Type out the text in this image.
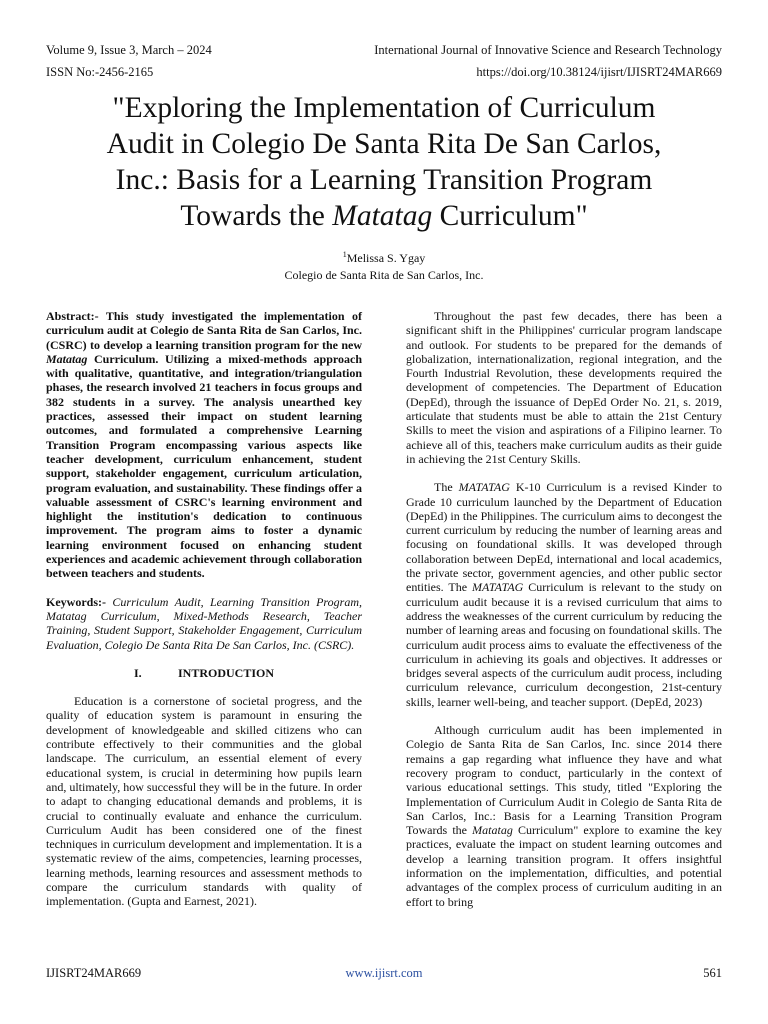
Volume 9, Issue 3, March – 2024	International Journal of Innovative Science and Research Technology
ISSN No:-2456-2165	https://doi.org/10.38124/ijisrt/IJISRT24MAR669
"Exploring the Implementation of Curriculum
Audit in Colegio De Santa Rita De San Carlos,
Inc.: Basis for a Learning Transition Program
Towards the Matatag Curriculum"
$^1$Melissa S. Ygay
Colegio de Santa Rita de San Carlos, Inc.

Abstract:- This study investigated the implementation of curriculum audit at Colegio de Santa Rita de San Carlos, Inc. (CSRC) to develop a learning transition program for the new Matatag Curriculum. Utilizing a mixed-methods approach with qualitative, quantitative, and integration/triangulation phases, the research involved 21 teachers in focus groups and 382 students in a survey. The analysis unearthed key practices, assessed their impact on student learning outcomes, and formulated a comprehensive Learning Transition Program encompassing various aspects like teacher development, curriculum enhancement, student support, stakeholder engagement, curriculum articulation, program evaluation, and sustainability. These findings offer a valuable assessment of CSRC's learning environment and highlight the institution's dedication to continuous improvement. The program aims to foster a dynamic learning environment focused on enhancing student experiences and academic achievement through collaboration between teachers and students.

Keywords:- Curriculum Audit, Learning Transition Program, Matatag Curriculum, Mixed-Methods Research, Teacher Training, Student Support, Stakeholder Engagement, Curriculum Evaluation, Colegio De Santa Rita De San Carlos, Inc. (CSRC).

I.	INTRODUCTION

Education is a cornerstone of societal progress, and the quality of education system is paramount in ensuring the development of knowledgeable and skilled citizens who can contribute effectively to their communities and the global landscape. The curriculum, an essential element of every educational system, is crucial in determining how pupils learn and, ultimately, how successful they will be in the future. In order to adapt to changing educational demands and problems, it is crucial to continually evaluate and enhance the curriculum. Curriculum Audit has been considered one of the finest techniques in curriculum development and implementation. It is a systematic review of the aims, competencies, learning processes, learning methods, learning resources and assessment methods to compare the curriculum standards with quality of implementation. (Gupta and Earnest, 2021).

Throughout the past few decades, there has been a significant shift in the Philippines' curricular program landscape and outlook. For students to be prepared for the demands of globalization, internationalization, regional integration, and the Fourth Industrial Revolution, these developments required the development of competencies. The Department of Education (DepEd), through the issuance of DepEd Order No. 21, s. 2019, articulate that students must be able to attain the 21st Century Skills to meet the vision and aspirations of a Filipino learner. To achieve all of this, teachers make curriculum audits as their guide in achieving the 21st Century Skills.

The MATATAG K-10 Curriculum is a revised Kinder to Grade 10 curriculum launched by the Department of Education (DepEd) in the Philippines. The curriculum aims to decongest the current curriculum by reducing the number of learning areas and focusing on foundational skills. It was developed through collaboration between DepEd, international and local academics, the private sector, government agencies, and other public sector entities. The MATATAG Curriculum is relevant to the study on curriculum audit because it is a revised curriculum that aims to address the weaknesses of the current curriculum by reducing the number of learning areas and focusing on foundational skills. The curriculum audit process aims to evaluate the effectiveness of the curriculum in achieving its goals and objectives. It addresses or bridges several aspects of the curriculum audit process, including curriculum relevance, curriculum decongestion, 21st-century skills, learner well-being, and teacher support. (DepEd, 2023)

Although curriculum audit has been implemented in Colegio de Santa Rita de San Carlos, Inc. since 2014 there remains a gap regarding what influence they have and what recovery program to conduct, particularly in the context of various educational settings. This study, titled "Exploring the Implementation of Curriculum Audit in Colegio de Santa Rita de San Carlos, Inc.: Basis for a Learning Transition Program Towards the Matatag Curriculum" explore to examine the key practices, evaluate the impact on student learning outcomes and develop a learning transition program. It offers insightful information on the implementation, difficulties, and potential advantages of the complex process of curriculum auditing in an effort to bring

IJISRT24MAR669	www.ijisrt.com	561
